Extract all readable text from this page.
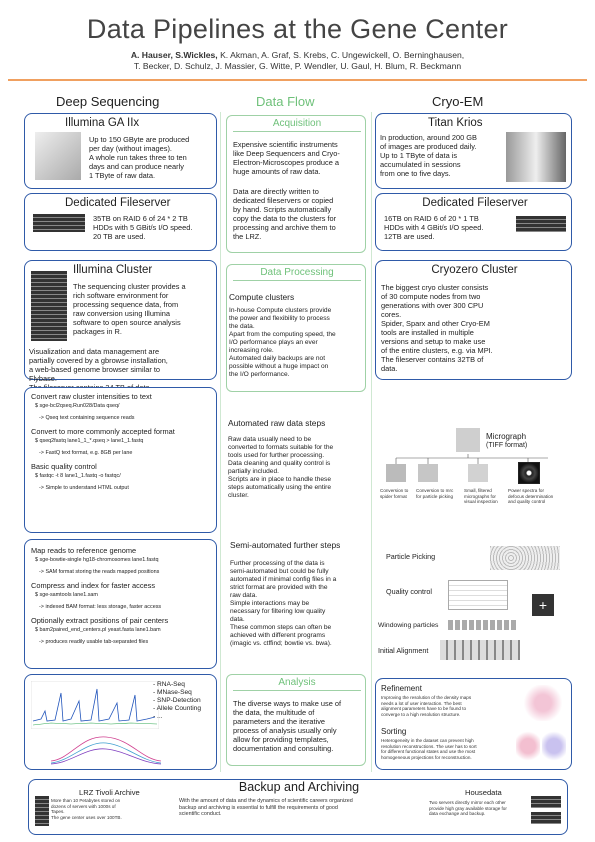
Data Pipelines at the Gene Center
A. Hauser, S.Wickles, K. Akman, A. Graf, S. Krebs, C. Ungewickell, O. Berninghausen,
T. Becker, D. Schulz, J. Massier, G. Witte, P. Wendler, U. Gaul, H. Blum, R. Beckmann
Deep Sequencing	Data Flow	Cryo-EM
Illumina GA IIx

Up to 150 GByte are produced

per day (without images).

A whole run takes three to ten

days and can produce nearly

1 TByte of raw data.

Dedicated Fileserver

35TB on RAID 6 of 24 * 2 TB

HDDs with 5 GBit/s I/O speed.

20 TB are used.

Illumina Cluster

The sequencing cluster provides a

rich software environment for

processing sequence data, from

raw conversion using Illumina

software to open source analysis

packages in R.

Visualization and data management are

partially covered by a gbrowse installation,

a web-based genome browser similar to

Flybase.

Convert raw cluster intensities to text
$ sge-bcl2qseq.Run028/Data qseq/
-> Qseq text containing sequence reads
Convert to more commonly accepted format
$ qseq2fastq lane1_1_*.qseq > lane1_1.fastq
-> FastQ text format, e.g. 8GB per lane
Basic quality control
$ fastqc -t 8 lane1_1.fastq -o fastqc/
-> Simple to understand HTML output
Map reads to reference genome
$ sge-bowtie-single hg18-chromosomes lane1.fastq
-> SAM format storing the reads mapped positions
Compress and index for faster access
$ sge-samtools lane1.sam
-> indexed BAM format: less storage, faster access
Optionally extract positions of pair centers
$ bam2paired_end_centers.pl yeast.fasta lane1.bam
-> produces readily usable tab-separated files

- RNA-Seq

- MNase-Seq

- SNP-Detection

- Allele Counting

- ...

Acquisition

Expensive scientific instruments

like Deep Sequencers and Cryo-

Electron-Microscopes produce a

huge amounts of raw data.

Data are directly written to

dedicated fileservers or copied

by hand. Scripts automatically

copy the data to the clusters for

processing and archive them to

the LRZ.

Data Processing
Compute clusters

In-house Compute clusters provide

the power and flexibility to process

the data.

Apart from the computing speed, the

I/O performance plays an ever

increasing role.

Automated daily backups are not

possible without a huge impact on

the I/O performance.

Automated raw data steps

Raw data usually need to be

converted to formats suitable for the

tools used for further processing.

Data cleaning and quality control is

partially included.

Scripts are in place to handle these

steps automatically using the entire

cluster.

Semi-automated further steps

Further processing of the data is

semi-automated but could be fully

automated if minimal config files in a

strict format are provided with the

raw data.

Simple interactions may be

necessary for filtering low quality

data.

These common steps can often be

achieved with different programs

(imagic vs. ctffind; bowtie vs. bwa).

Analysis

The diverse ways to make use of

the data, the multitude of

parameters and the iterative

process of analysis usually only

allow for providing templates,

documentation and consulting.

Titan Krios

In production, around 200 GB

of images are produced daily.

Up to 1 TByte of data is

accumulated in sessions

from one to five days.

Dedicated Fileserver

16TB on RAID 6 of 20 * 1 TB

HDDs with 4 GBit/s I/O speed.

12TB are used.

Cryozero Cluster

The biggest cryo cluster consists

of 30 compute nodes from two

generations with over 300 CPU

cores.

Spider, Sparx and other Cryo-EM

tools are installed in multiple

versions and setup to make use

of the entire clusters, e.g. via MPI.

The fileserver contains 32TB of

data.

Micrograph
(TIFF format)
Conversion to
spider format
Conversion to mrc
for particle picking
Small, filtered
micrographs for
visual inspection
Power spectra for
defocus determination
and quality control
Particle Picking
Quality control
+
Windowing particles
Initial Alignment
Refinement

Improving the resolution of the density maps

needs a lot of user interaction. The best

alignment parameters have to be found to

converge to a high resolution structure.

Sorting

Heterogeneity in the dataset can prevent high

resolution reconstructions. The user has to sort

for different functional states and use the most

homogeneous projections for reconstruction.

Backup and Archiving
LRZ Tivoli Archive

More than 10 Petabytes stored on

dozens of servers with 1000s of

Tapes.

The gene center uses over 100TB.

With the amount of data and the dynamics of scientific careers organized

backup and archiving is essential to fulfill the requirements of good

scientific conduct.

Housedata

Two servers directly mirror each other

provide high gray available storage for

data exchange and backup.
